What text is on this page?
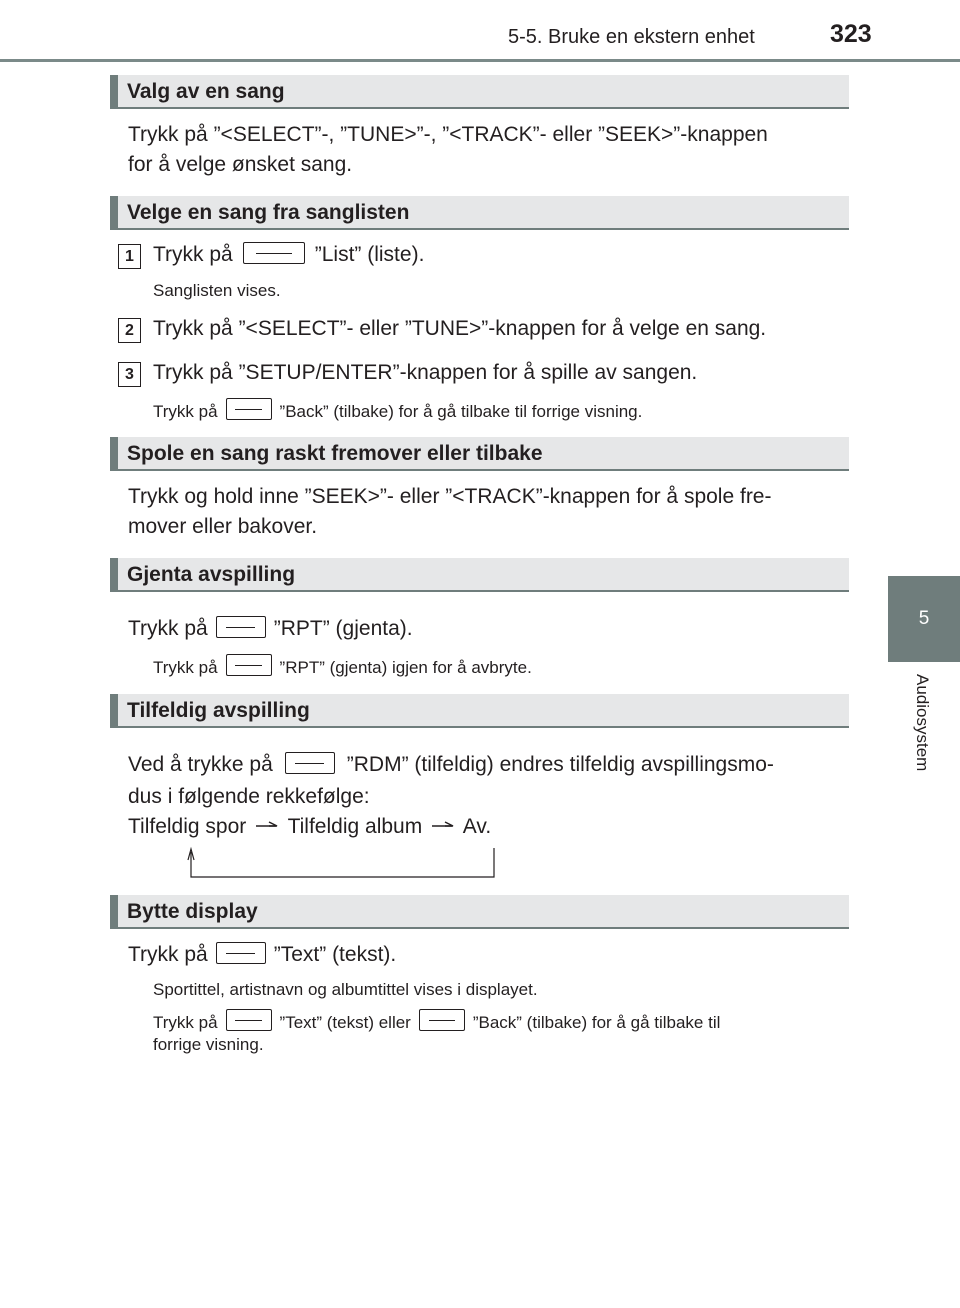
5-5. Bruke en ekstern enhet	323
5
Audiosystem
Valg av en sang
Trykk på ”<SELECT”-, ”TUNE>”-, ”<TRACK”- eller ”SEEK>”-knappen
for å velge ønsket sang.
Velge en sang fra sanglisten
1 Trykk på	”List” (liste).
Sanglisten vises.
2 Trykk på ”<SELECT”- eller ”TUNE>”-knappen for å velge en sang.
3 Trykk på ”SETUP/ENTER”-knappen for å spille av sangen.
Trykk på	”Back” (tilbake) for å gå tilbake til forrige visning.
Spole en sang raskt fremover eller tilbake
Trykk og hold inne ”SEEK>”- eller ”<TRACK”-knappen for å spole fre-
mover eller bakover.
Gjenta avspilling
Trykk på	”RPT” (gjenta).
Trykk på	”RPT” (gjenta) igjen for å avbryte.
Tilfeldig avspilling
Ved å trykke på	”RDM” (tilfeldig) endres tilfeldig avspillingsmo-
dus i følgende rekkefølge:
Tilfeldig spor Tilfeldig album Av.
Bytte display
Trykk på	”Text” (tekst).
Sportittel, artistnavn og albumtittel vises i displayet.
Trykk på	”Text” (tekst) eller	”Back” (tilbake) for å gå tilbake til
forrige visning.
